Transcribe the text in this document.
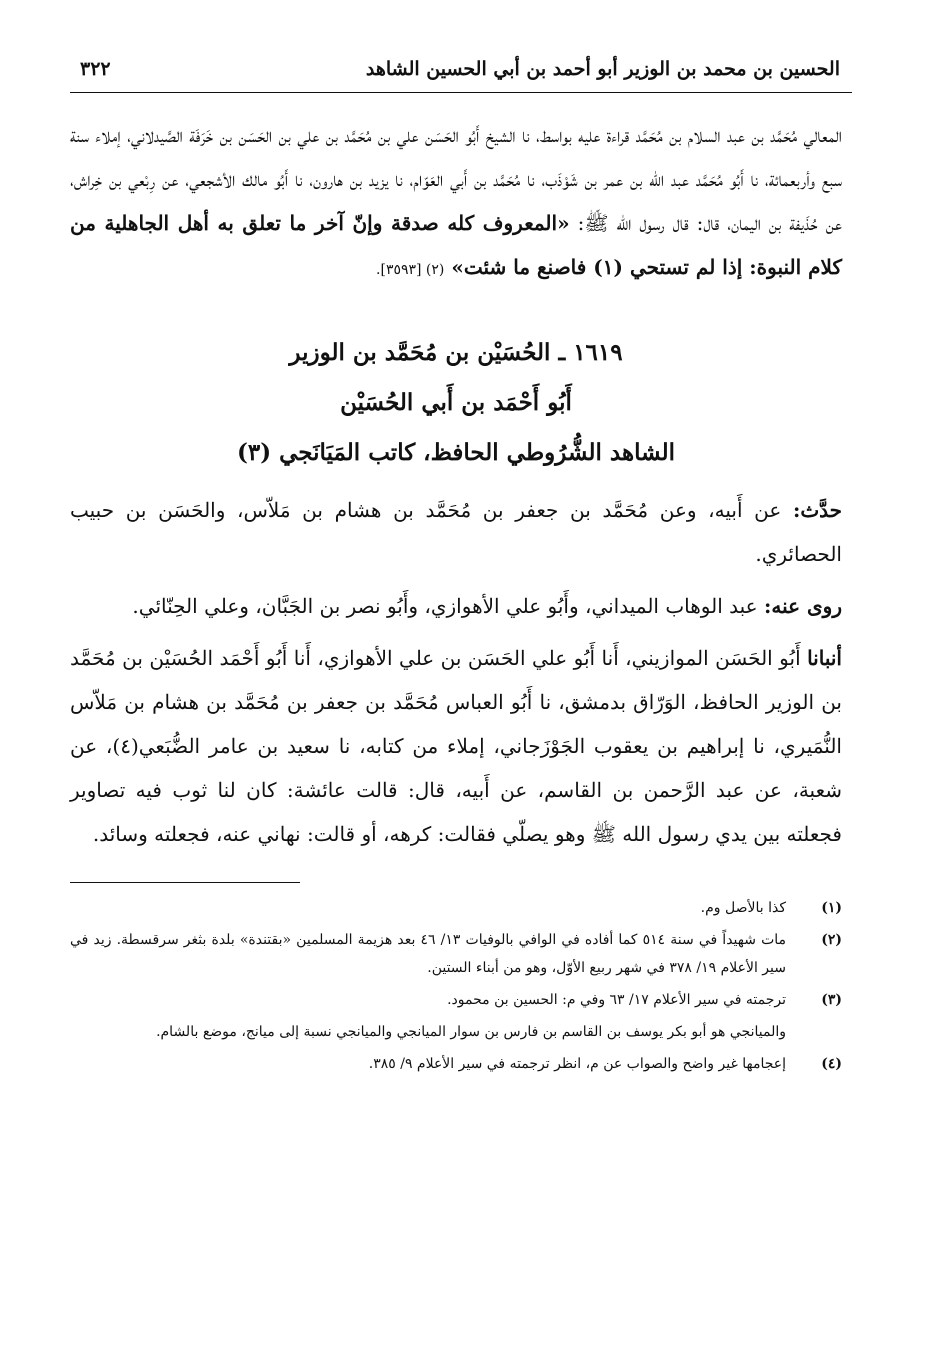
الحسين بن محمد بن الوزير أبو أحمد بن أبي الحسين الشاهد
٣٢٢

المعالي مُحَمَّد بن عبد السلام بن مُحَمَّد قراءة عليه بواسط، نا الشيخ أَبُو الحَسَن علي بن مُحَمَّد بن علي بن الحَسَن بن خَرَفَة الصَّيدلاني، إملاء سنة سبع وأربعمائة، نا أَبُو مُحَمَّد عبد اللّه بن عمر بن شَوْذَب، نا مُحَمَّد بن أَبي العَوّام، نا يزيد بن هارون، نا أَبُو مالك الأشجعي، عن رِبْعي بن خِراش، عن حُذَيفة بن اليمان، قال: قال رسول الله ﷺ: «المعروف كله صدقة وإنّ آخر ما تعلق به أهل الجاهلية من كلام النبوة: إذا لم تستحي (١) فاصنع ما شئت» (٢) [٣٥٩٣].

١٦١٩ ـ الحُسَيْن بن مُحَمَّد بن الوزير
أَبُو أَحْمَد بن أَبي الحُسَيْن
الشاهد الشُّرُوطي الحافظ، كاتب المَيَانَجي (٣)

حدَّث: عن أَبيه، وعن مُحَمَّد بن جعفر بن مُحَمَّد بن هشام بن مَلاّس، والحَسَن بن حبيب الحصائري.

روى عنه: عبد الوهاب الميداني، وأَبُو علي الأهوازي، وأَبُو نصر بن الجَبَّان، وعلي الحِنّائي.

أنبانا أَبُو الحَسَن الموازيني، أَنا أَبُو علي الحَسَن بن علي الأهوازي، أَنا أَبُو أَحْمَد الحُسَيْن بن مُحَمَّد بن الوزير الحافظ، الوَرّاق بدمشق، نا أَبُو العباس مُحَمَّد بن جعفر بن مُحَمَّد بن هشام بن مَلاّس النُّمَيري، نا إبراهيم بن يعقوب الجَوْزَجاني، إملاء من كتابه، نا سعيد بن عامر الضُّبَعي(٤)، عن شعبة، عن عبد الرَّحمن بن القاسم، عن أَبيه، قال: قالت عائشة: كان لنا ثوب فيه تصاوير فجعلته بين يدي رسول الله ﷺ وهو يصلّي فقالت: كرهه، أو قالت: نهاني عنه، فجعلته وسائد.

(١)
كذا بالأصل وم.
(٢)
مات شهيداً في سنة ٥١٤ كما أفاده في الوافي بالوفيات ١٣/ ٤٦ بعد هزيمة المسلمين «بقتندة» بلدة بثغر سرقسطة. زيد في سير الأعلام ١٩/ ٣٧٨ في شهر ربيع الأوّل، وهو من أبناء الستين.
(٣)
ترجمته في سير الأعلام ١٧/ ٦٣ وفي م: الحسين بن محمود.
والميانجي هو أبو بكر يوسف بن القاسم بن فارس بن سوار الميانجي والميانجي نسبة إلى ميانج، موضع بالشام.
(٤)
إعجامها غير واضح والصواب عن م، انظر ترجمته في سير الأعلام ٩/ ٣٨٥.
